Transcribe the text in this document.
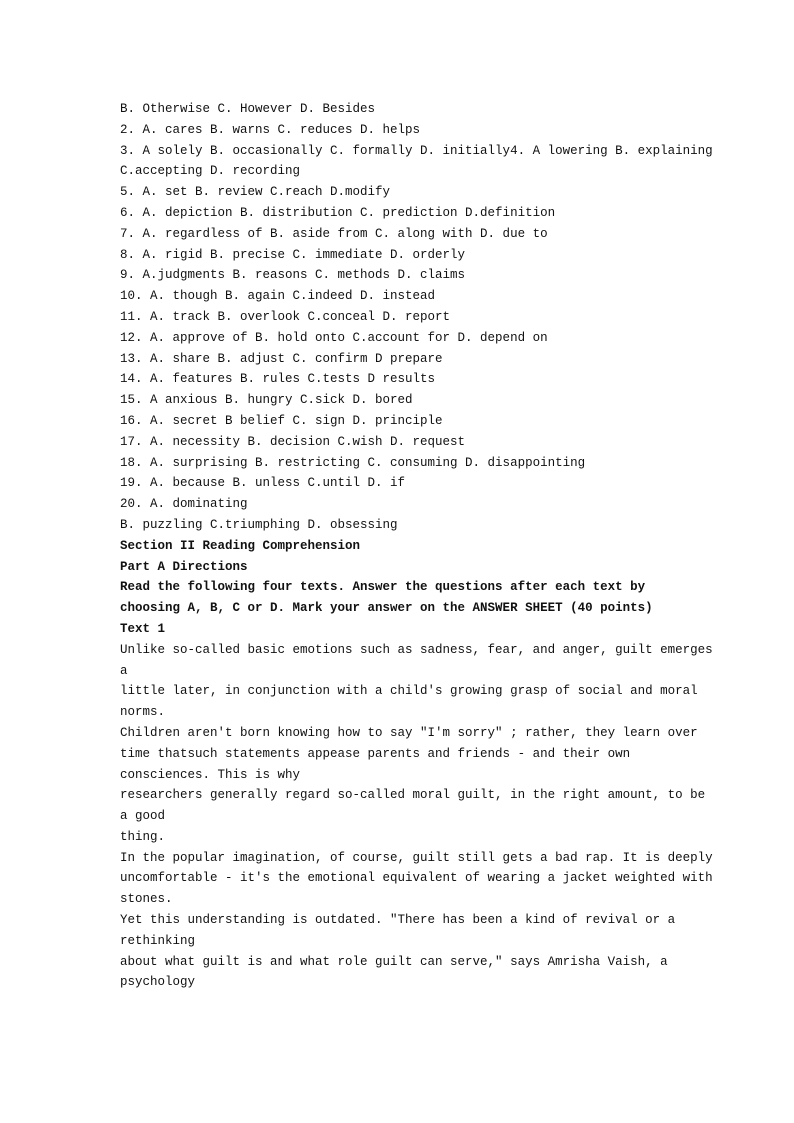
B. Otherwise C. However D. Besides
2. A. cares B. warns C. reduces D. helps
3. A solely B. occasionally C. formally D. initially4. A lowering B. explaining
C.accepting D. recording
5. A. set B. review C.reach D.modify
6. A. depiction B. distribution C. prediction D.definition
7. A. regardless of B. aside from C. along with D. due to
8. A. rigid B. precise C. immediate D. orderly
9. A.judgments B. reasons C. methods D. claims
10. A. though B. again C.indeed D. instead
11. A. track B. overlook C.conceal D. report
12. A. approve of B. hold onto C.account for D. depend on
13. A. share B. adjust C. confirm D prepare
14. A. features B. rules C.tests D results
15. A anxious B. hungry C.sick D. bored
16. A. secret B belief C. sign D. principle
17. A. necessity B. decision C.wish D. request
18. A. surprising B. restricting C. consuming D. disappointing
19. A. because B. unless C.until D. if
20. A. dominating
B. puzzling C.triumphing D. obsessing
Section II Reading Comprehension
Part A Directions
Read the following four texts. Answer the questions after each text by
choosing A, B, C or D. Mark your answer on the ANSWER SHEET (40 points)
Text 1
Unlike so-called basic emotions such as sadness, fear, and anger, guilt emerges
a
little later, in conjunction with a child's growing grasp of social and moral
norms.
Children aren't born knowing how to say "I'm sorry" ; rather, they learn over
time thatsuch statements appease parents and friends - and their own
consciences. This is why
researchers generally regard so-called moral guilt, in the right amount, to be
a good
thing.
In the popular imagination, of course, guilt still gets a bad rap. It is deeply
uncomfortable - it's the emotional equivalent of wearing a jacket weighted with
stones.
Yet this understanding is outdated. "There has been a kind of revival or a
rethinking
about what guilt is and what role guilt can serve," says Amrisha Vaish, a
psychology
